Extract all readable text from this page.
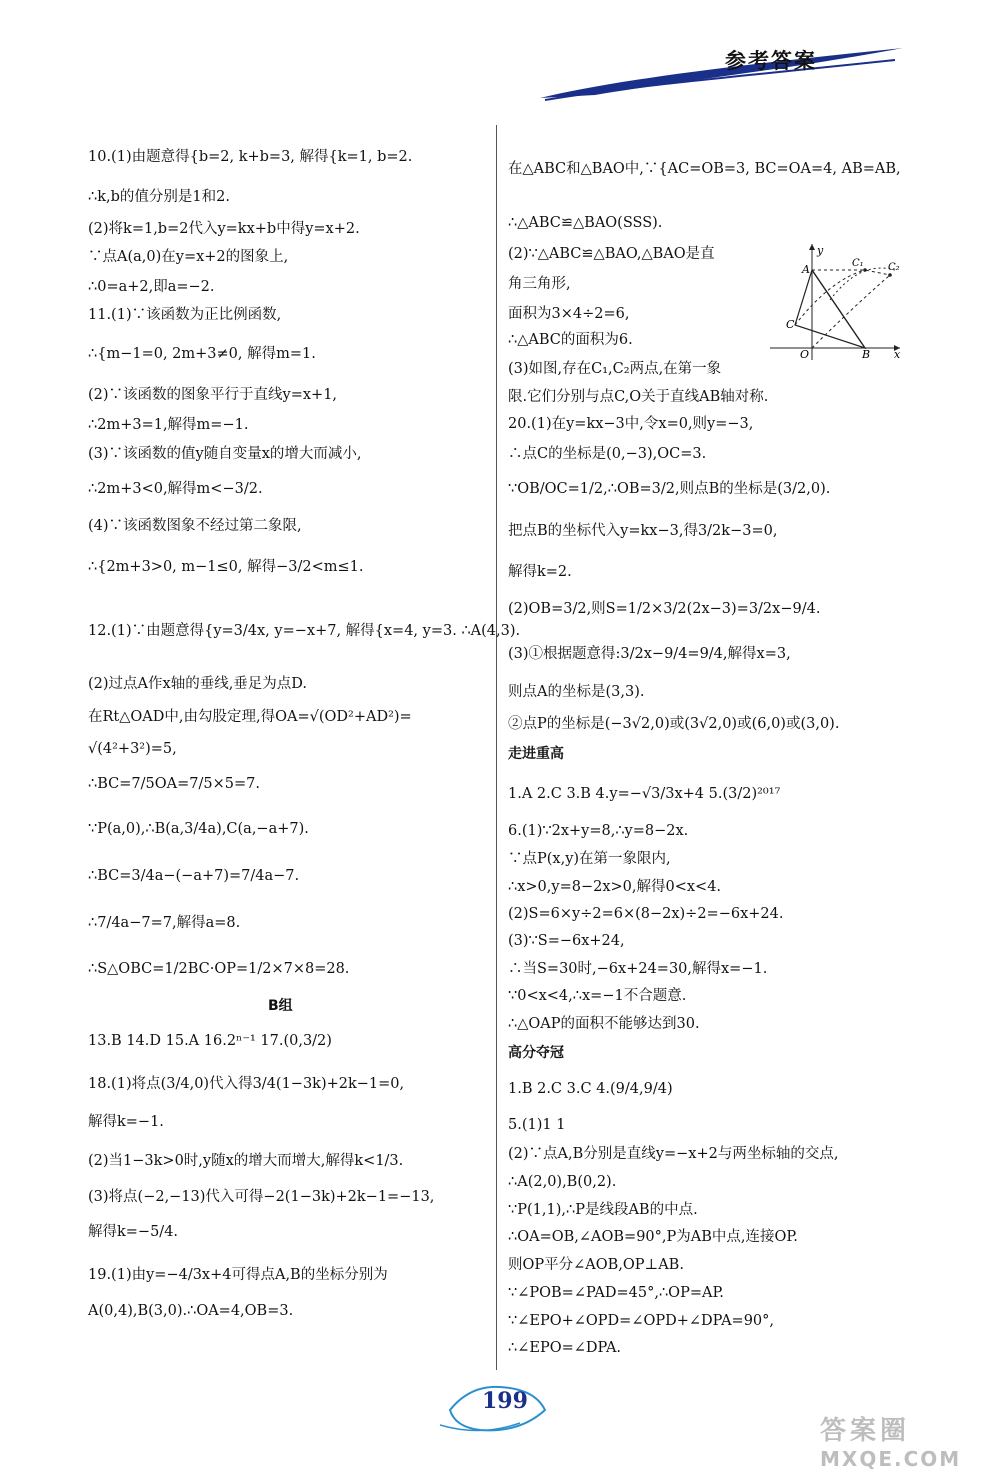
参考答案
10.(1)由题意得{b=2, k+b=3, 解得{k=1, b=2.
∴k,b的值分别是1和2.
(2)将k=1,b=2代入y=kx+b中得y=x+2.
∵点A(a,0)在y=x+2的图象上,
∴0=a+2,即a=−2.
11.(1)∵该函数为正比例函数,
∴{m−1=0, 2m+3≠0, 解得m=1.
(2)∵该函数的图象平行于直线y=x+1,
∴2m+3=1,解得m=−1.
(3)∵该函数的值y随自变量x的增大而减小,
∴2m+3<0,解得m<−3/2.
(4)∵该函数图象不经过第二象限,
∴{2m+3>0, m−1≤0, 解得−3/2<m≤1.
12.(1)∵由题意得{y=3/4x, y=−x+7, 解得{x=4, y=3. ∴A(4,3).
(2)过点A作x轴的垂线,垂足为点D.
在Rt△OAD中,由勾股定理,得OA=√(OD²+AD²)=
√(4²+3²)=5,
∴BC=7/5OA=7/5×5=7.
∵P(a,0),∴B(a,3/4a),C(a,−a+7).
∴BC=3/4a−(−a+7)=7/4a−7.
∴7/4a−7=7,解得a=8.
∴S△OBC=1/2BC·OP=1/2×7×8=28.
B组
13.B 14.D 15.A 16.2ⁿ⁻¹ 17.(0,3/2)
18.(1)将点(3/4,0)代入得3/4(1−3k)+2k−1=0,
解得k=−1.
(2)当1−3k>0时,y随x的增大而增大,解得k<1/3.
(3)将点(−2,−13)代入可得−2(1−3k)+2k−1=−13,
解得k=−5/4.
19.(1)由y=−4/3x+4可得点A,B的坐标分别为
A(0,4),B(3,0).∴OA=4,OB=3.
在△ABC和△BAO中,∵{AC=OB=3, BC=OA=4, AB=AB,
∴△ABC≌△BAO(SSS).
(2)∵△ABC≌△BAO,△BAO是直
角三角形,
面积为3×4÷2=6,
∴△ABC的面积为6.
(3)如图,存在C₁,C₂两点,在第一象
限.它们分别与点C,O关于直线AB轴对称.
20.(1)在y=kx−3中,令x=0,则y=−3,
∴点C的坐标是(0,−3),OC=3.
∵OB/OC=1/2,∴OB=3/2,则点B的坐标是(3/2,0).
把点B的坐标代入y=kx−3,得3/2k−3=0,
解得k=2.
(2)OB=3/2,则S=1/2×3/2(2x−3)=3/2x−9/4.
(3)①根据题意得:3/2x−9/4=9/4,解得x=3,
则点A的坐标是(3,3).
②点P的坐标是(−3√2,0)或(3√2,0)或(6,0)或(3,0).
走进重高
1.A 2.C 3.B 4.y=−√3/3x+4 5.(3/2)²⁰¹⁷
6.(1)∵2x+y=8,∴y=8−2x.
∵点P(x,y)在第一象限内,
∴x>0,y=8−2x>0,解得0<x<4.
(2)S=6×y÷2=6×(8−2x)÷2=−6x+24.
(3)∵S=−6x+24,
∴当S=30时,−6x+24=30,解得x=−1.
∵0<x<4,∴x=−1不合题意.
∴△OAP的面积不能够达到30.
高分夺冠
1.B 2.C 3.C 4.(9/4,9/4)
5.(1)1 1
(2)∵点A,B分别是直线y=−x+2与两坐标轴的交点,
∴A(2,0),B(0,2).
∵P(1,1),∴P是线段AB的中点.
∴OA=OB,∠AOB=90°,P为AB中点,连接OP.
则OP平分∠AOB,OP⊥AB.
∵∠POB=∠PAD=45°,∴OP=AP.
∵∠EPO+∠OPD=∠OPD+∠DPA=90°,
∴∠EPO=∠DPA.
A
y
C₁ C₂
C
O	B x
199
答案圈
MXQE.COM
